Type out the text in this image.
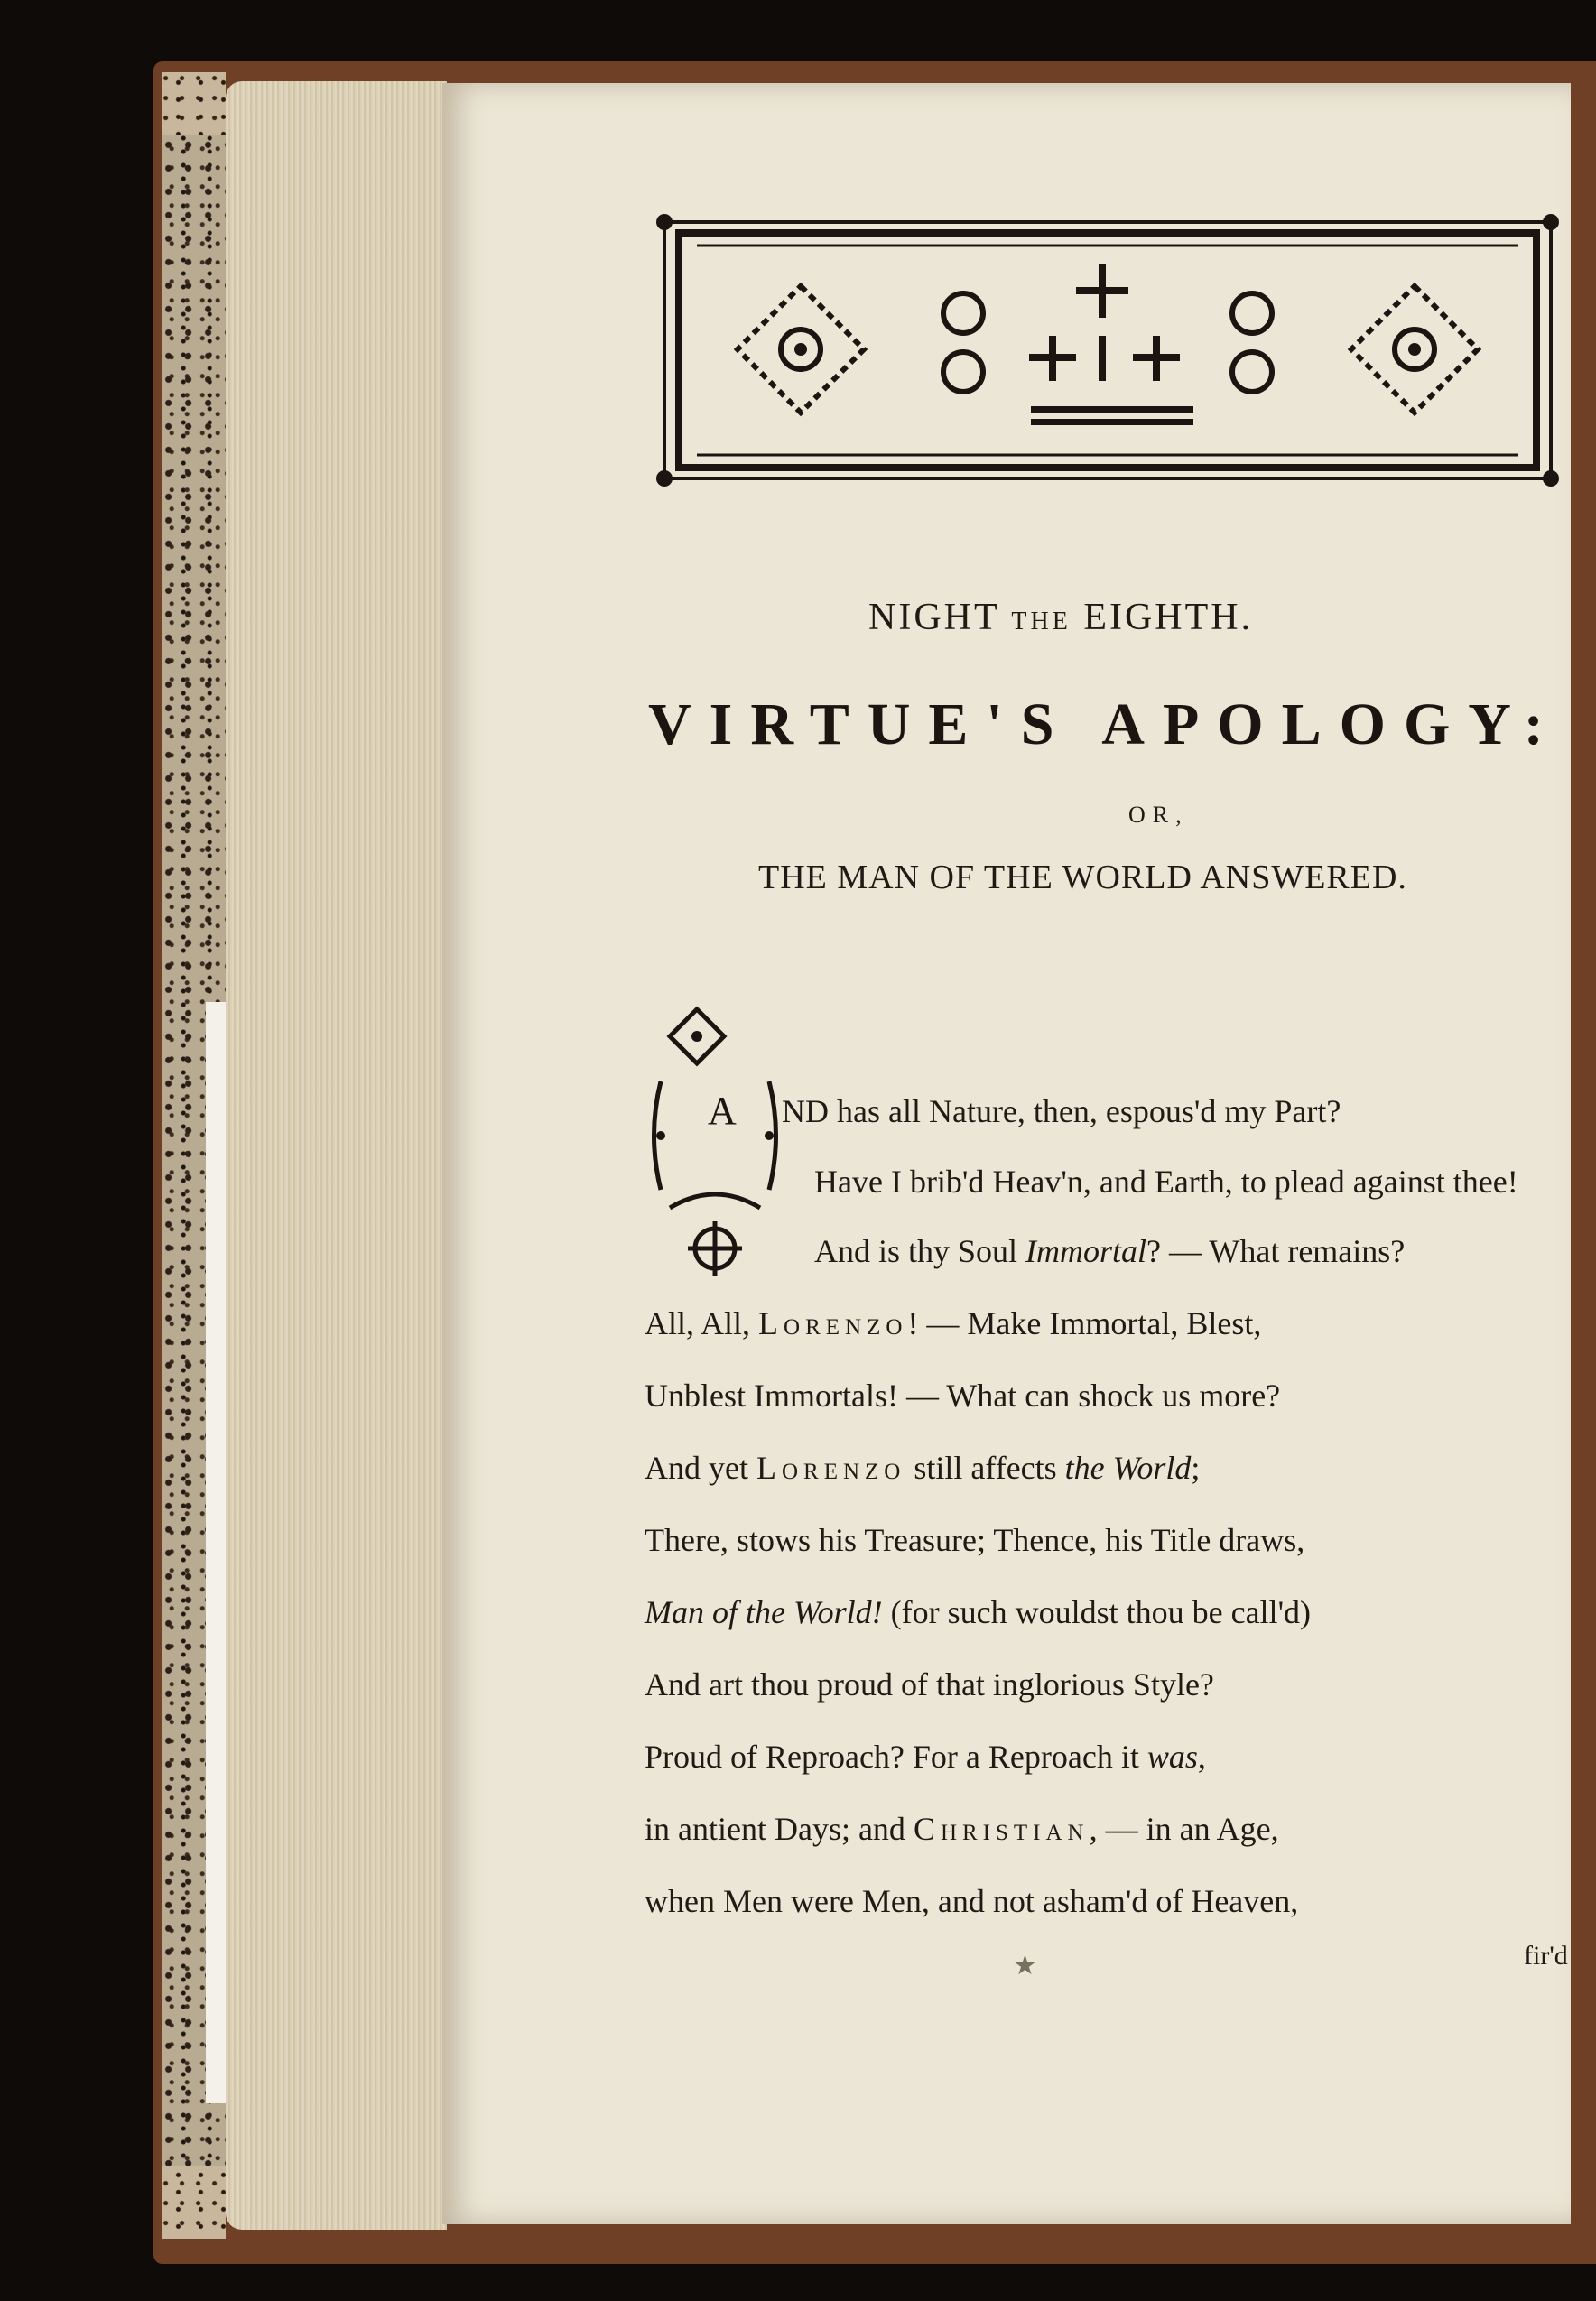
NIGHT THE EIGHTH.
VIRTUE'S APOLOGY:
OR,
THE MAN OF THE WORLD ANSWERED.
A ND has all Nature, then, espous'd my Part?
Have I brib'd Heav'n, and Earth, to plead against thee!
And is thy Soul Immortal? — What remains?
All, All, Lorenzo! — Make Immortal, Blest,
Unblest Immortals! — What can shock us more?
And yet Lorenzo still affects the World;
There, stows his Treasure; Thence, his Title draws,
Man of the World! (for such wouldst thou be call'd)
And art thou proud of that inglorious Style?
Proud of Reproach? For a Reproach it was,
in antient Days; and Christian, — in an Age,
when Men were Men, and not asham'd of Heaven,
★	fir'd
